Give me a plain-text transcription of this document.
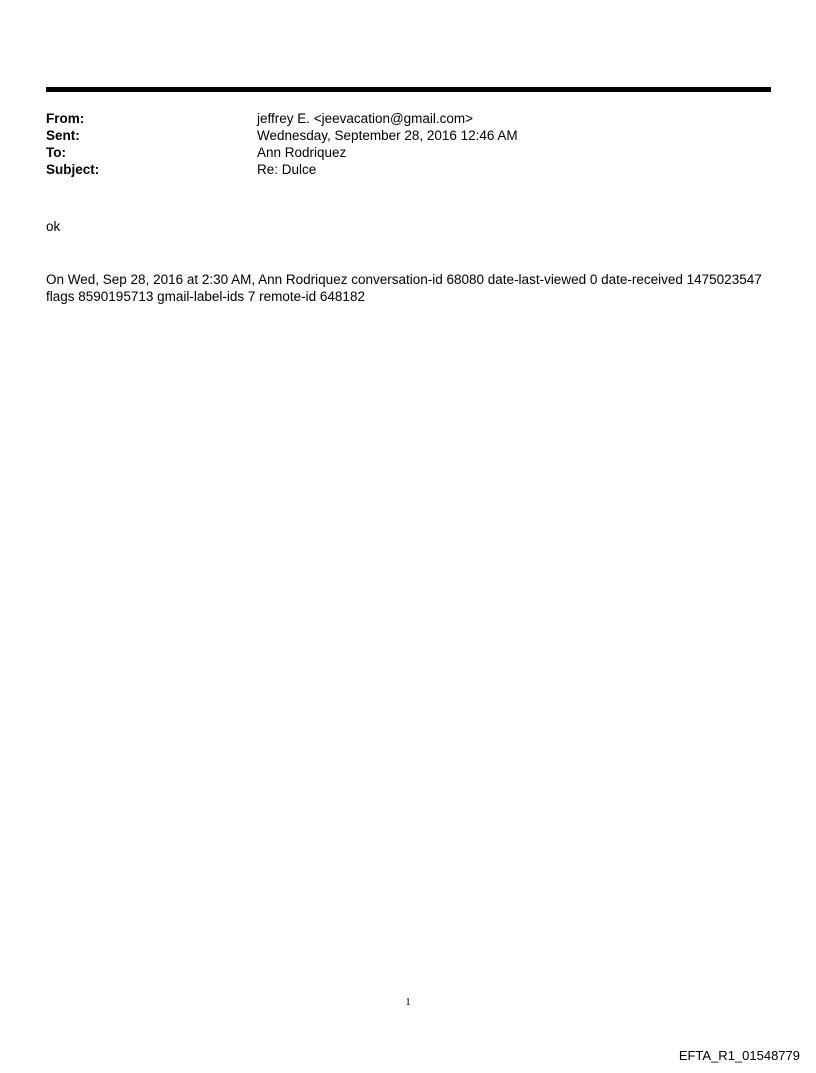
From:	jeffrey E. <jeevacation@gmail.com>
Sent:	Wednesday, September 28, 2016 12:46 AM
To:	Ann Rodriquez
Subject:	Re: Dulce
ok
On Wed, Sep 28, 2016 at 2:30 AM, Ann Rodriquez conversation-id 68080 date-last-viewed 0 date-received 1475023547 flags 8590195713 gmail-label-ids 7 remote-id 648182
1
EFTA_R1_01548779
